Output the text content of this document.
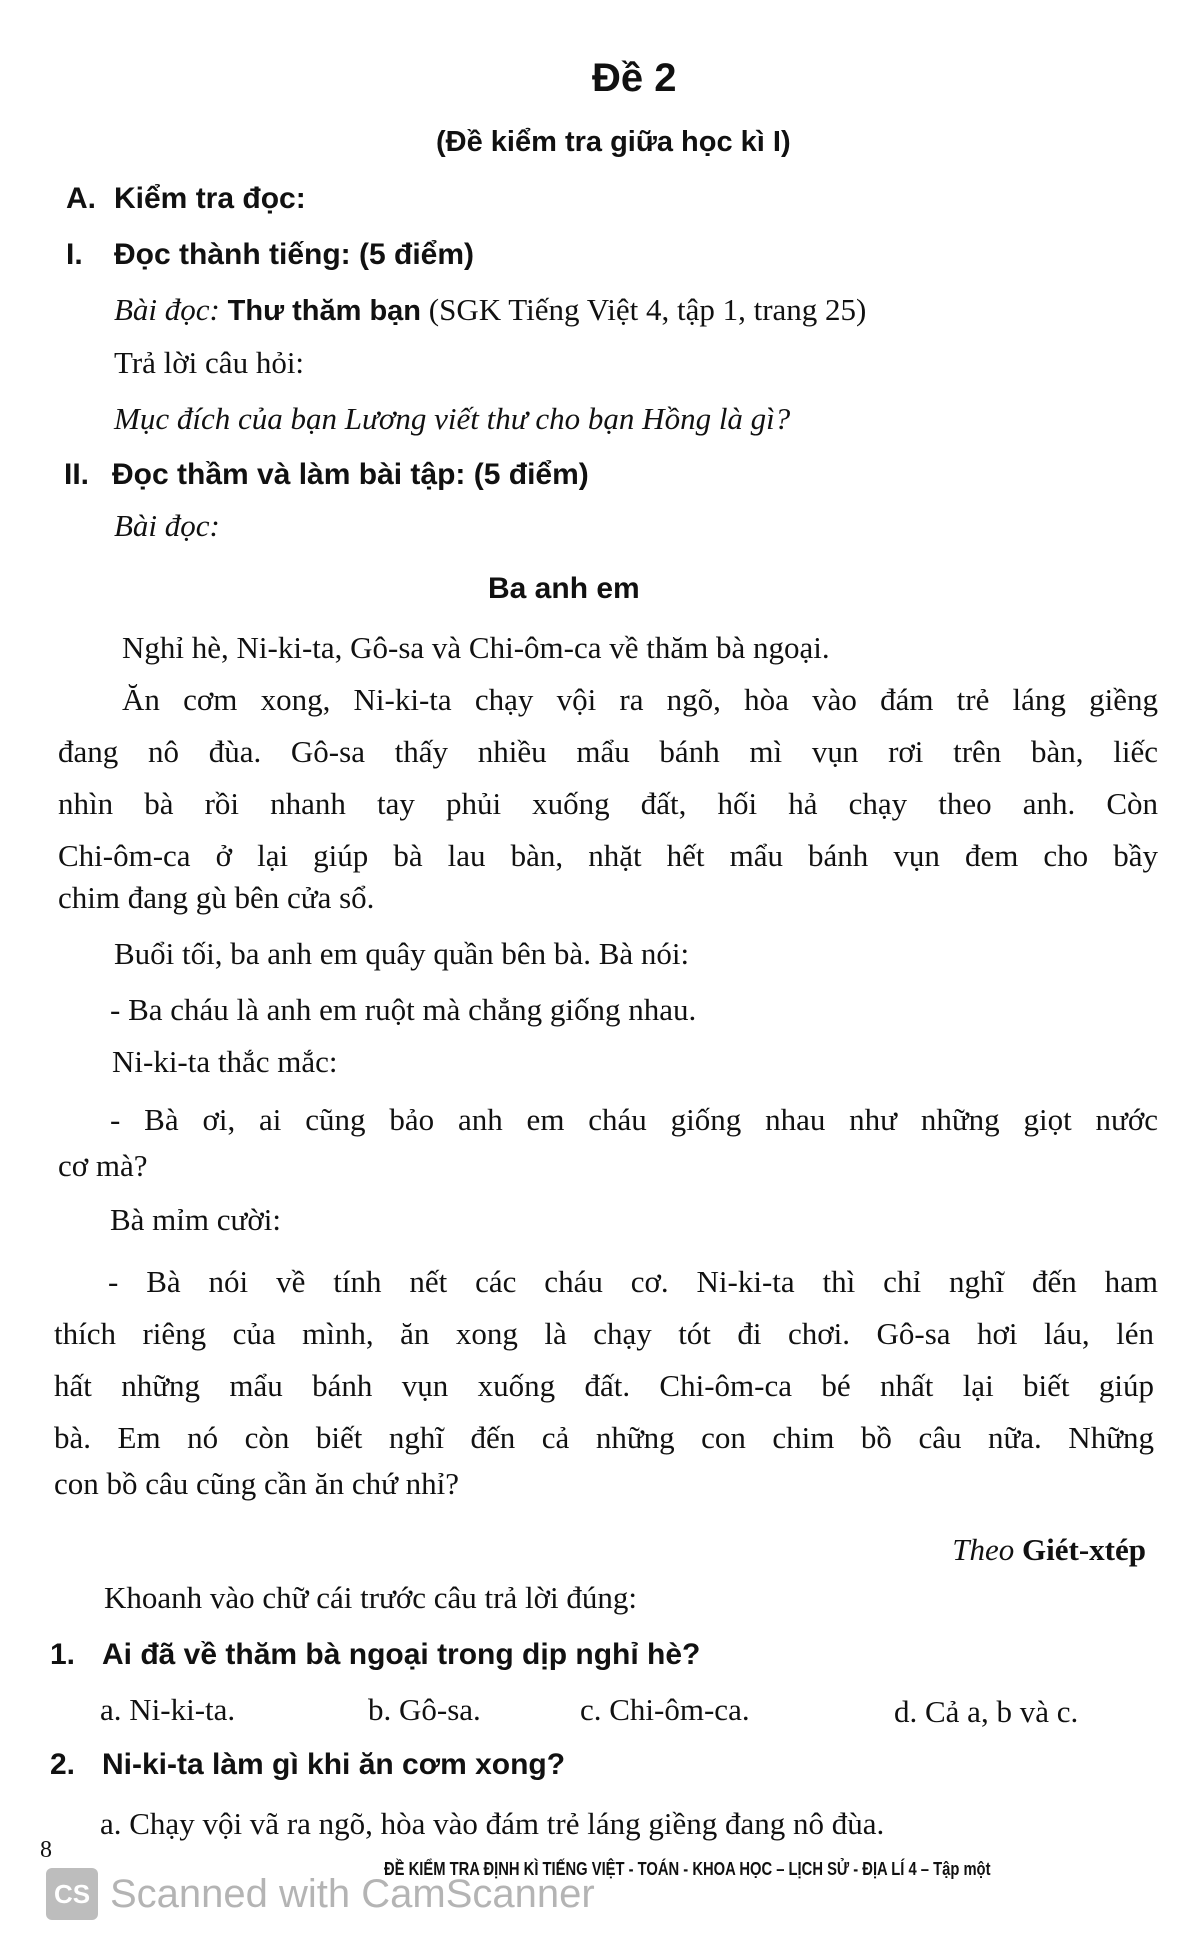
Đề 2
(Đề kiểm tra giữa học kì I)
A. Kiểm tra đọc:
I. Đọc thành tiếng: (5 điểm)
Bài đọc: Thư thăm bạn (SGK Tiếng Việt 4, tập 1, trang 25)
Trả lời câu hỏi:
Mục đích của bạn Lương viết thư cho bạn Hồng là gì?
II. Đọc thầm và làm bài tập: (5 điểm)
Bài đọc:
Ba anh em
Nghỉ hè, Ni-ki-ta, Gô-sa và Chi-ôm-ca về thăm bà ngoại.
Ăn cơm xong, Ni-ki-ta chạy vội ra ngõ, hòa vào đám trẻ láng giềng
đang nô đùa. Gô-sa thấy nhiều mẩu bánh mì vụn rơi trên bàn, liếc
nhìn bà rồi nhanh tay phủi xuống đất, hối hả chạy theo anh. Còn
Chi-ôm-ca ở lại giúp bà lau bàn, nhặt hết mẩu bánh vụn đem cho bầy
chim đang gù bên cửa sổ.
Buổi tối, ba anh em quây quần bên bà. Bà nói:
- Ba cháu là anh em ruột mà chẳng giống nhau.
Ni-ki-ta thắc mắc:
- Bà ơi, ai cũng bảo anh em cháu giống nhau như những giọt nước
cơ mà?
Bà mỉm cười:
- Bà nói về tính nết các cháu cơ. Ni-ki-ta thì chỉ nghĩ đến ham
thích riêng của mình, ăn xong là chạy tót đi chơi. Gô-sa hơi láu, lén
hất những mẩu bánh vụn xuống đất. Chi-ôm-ca bé nhất lại biết giúp
bà. Em nó còn biết nghĩ đến cả những con chim bồ câu nữa. Những
con bồ câu cũng cần ăn chứ nhỉ?
Theo Giét-xtép
Khoanh vào chữ cái trước câu trả lời đúng:
1. Ai đã về thăm bà ngoại trong dịp nghỉ hè?
a. Ni-ki-ta.	b. Gô-sa.	c. Chi-ôm-ca.	d. Cả a, b và c.
2. Ni-ki-ta làm gì khi ăn cơm xong?
a. Chạy vội vã ra ngõ, hòa vào đám trẻ láng giềng đang nô đùa.
8
ĐỀ KIỂM TRA ĐỊNH KÌ TIẾNG VIỆT - TOÁN - KHOA HỌC – LỊCH SỬ - ĐỊA LÍ 4 – Tập một
CS Scanned with CamScanner
